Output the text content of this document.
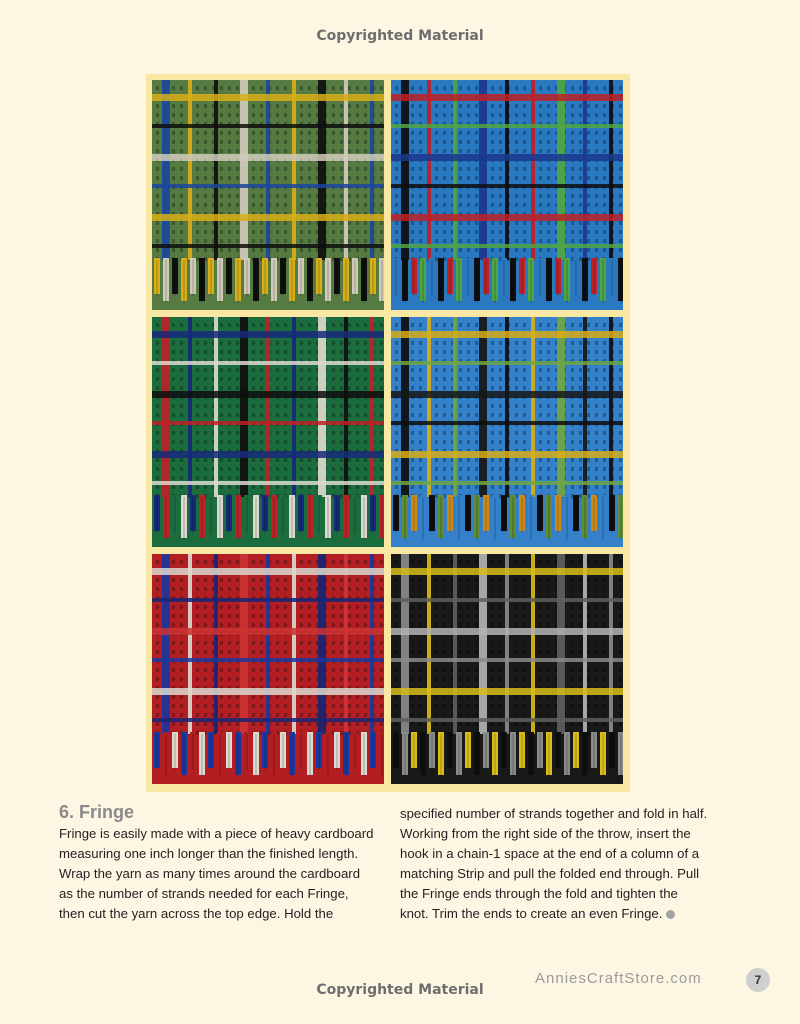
Copyrighted Material
6. Fringe
Fringe is easily made with a piece of heavy cardboard
measuring one inch longer than the finished length.
Wrap the yarn as many times around the cardboard
as the number of strands needed for each Fringe,
then cut the yarn across the top edge. Hold the
specified number of strands together and fold in half.
Working from the right side of the throw, insert the
hook in a chain-1 space at the end of a column of a
matching Strip and pull the folded end through. Pull
the Fringe ends through the fold and tighten the
knot. Trim the ends to create an even Fringe.
AnniesCraftStore.com	7
Copyrighted Material
